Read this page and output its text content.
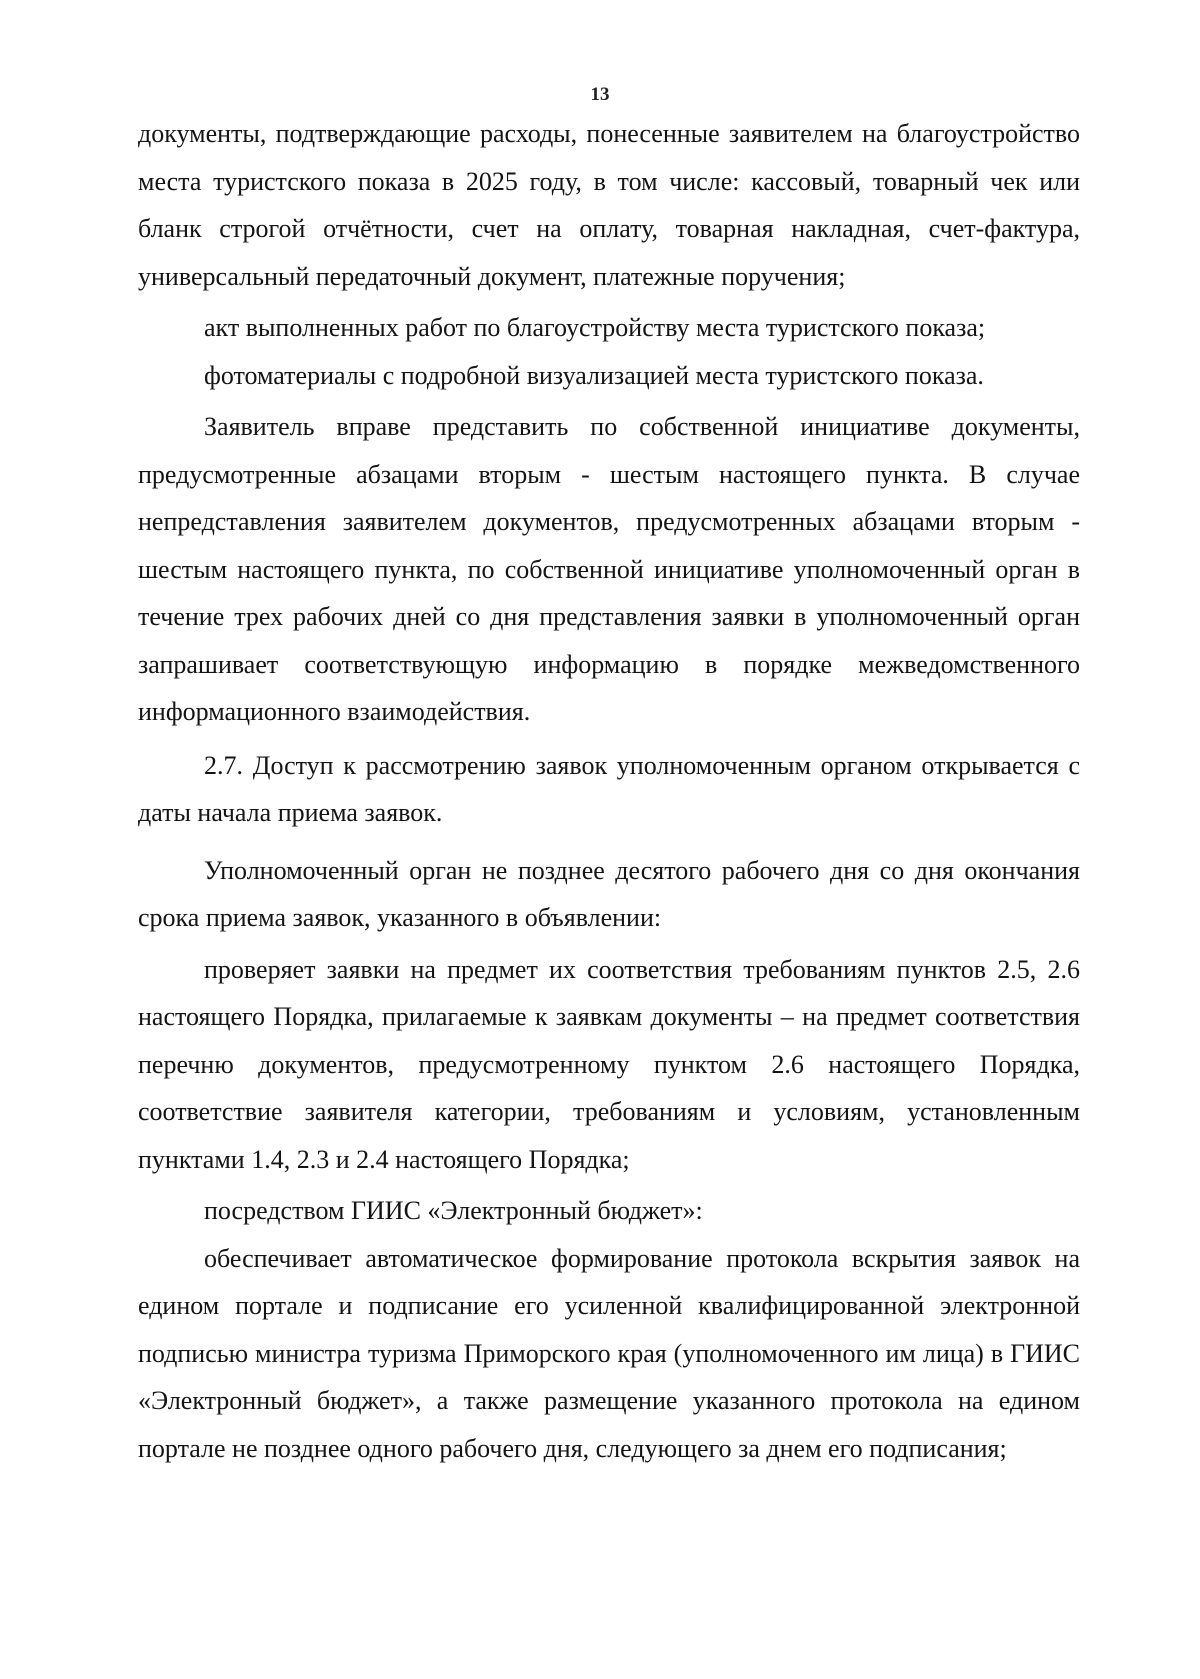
13

документы, подтверждающие расходы, понесенные заявителем на благоустройство места туристского показа в 2025 году, в том числе: кассовый, товарный чек или бланк строгой отчётности, счет на оплату, товарная накладная, счет-фактура, универсальный передаточный документ, платежные поручения;

акт выполненных работ по благоустройству места туристского показа;

фотоматериалы с подробной визуализацией места туристского показа.

Заявитель вправе представить по собственной инициативе документы, предусмотренные абзацами вторым - шестым настоящего пункта. В случае непредставления заявителем документов, предусмотренных абзацами вторым - шестым настоящего пункта, по собственной инициативе уполномоченный орган в течение трех рабочих дней со дня представления заявки в уполномоченный орган запрашивает соответствующую информацию в порядке межведомственного информационного взаимодействия.

2.7. Доступ к рассмотрению заявок уполномоченным органом открывается с даты начала приема заявок.

Уполномоченный орган не позднее десятого рабочего дня со дня окончания срока приема заявок, указанного в объявлении:

проверяет заявки на предмет их соответствия требованиям пунктов 2.5, 2.6 настоящего Порядка, прилагаемые к заявкам документы – на предмет соответствия перечню документов, предусмотренному пунктом 2.6 настоящего Порядка, соответствие заявителя категории, требованиям и условиям, установленным пунктами 1.4, 2.3 и 2.4 настоящего Порядка;

посредством ГИИС «Электронный бюджет»:

обеспечивает автоматическое формирование протокола вскрытия заявок на едином портале и подписание его усиленной квалифицированной электронной подписью министра туризма Приморского края (уполномоченного им лица) в ГИИС «Электронный бюджет», а также размещение указанного протокола на едином портале не позднее одного рабочего дня, следующего за днем его подписания;
